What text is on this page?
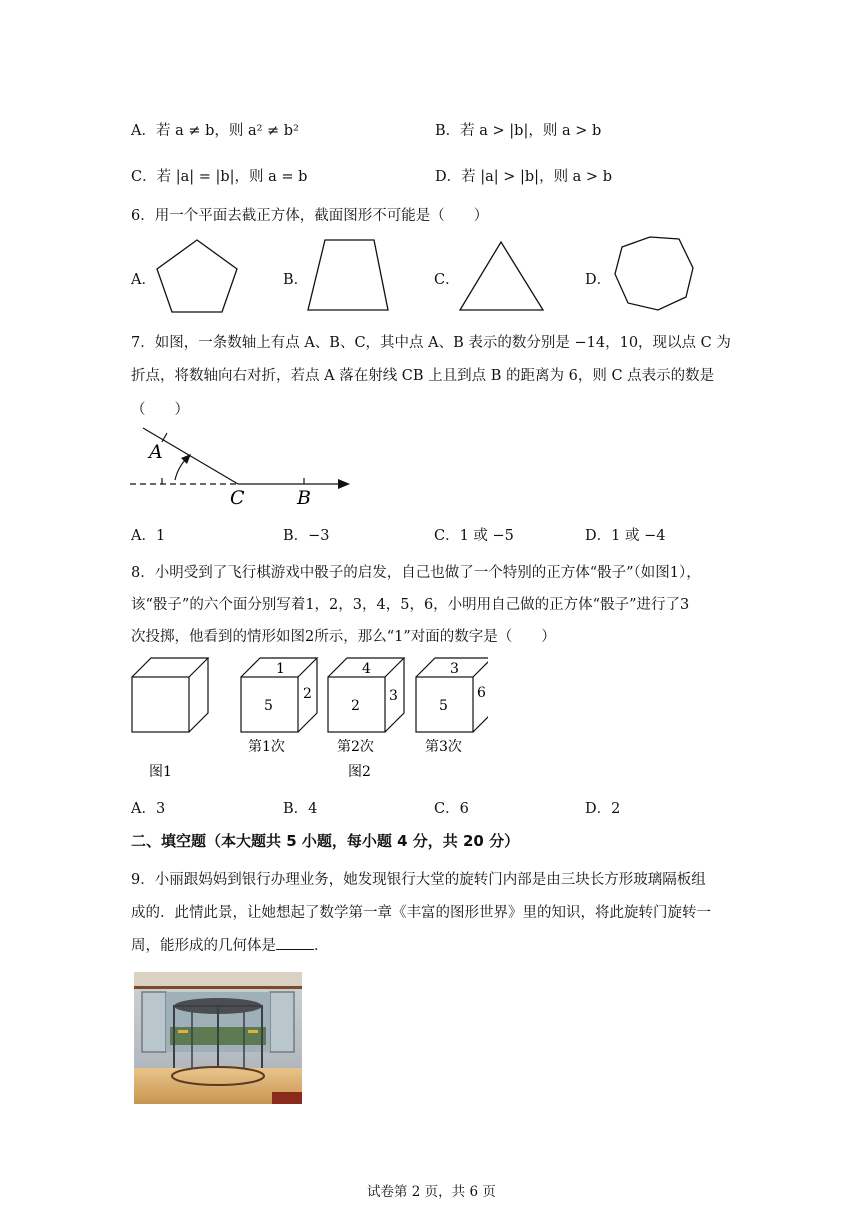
A．若 a ≠ b，则 a² ≠ b²	B．若 a > |b|，则 a > b
C．若 |a| = |b|，则 a = b	D．若 |a| > |b|，则 a > b
6．用一个平面去截正方体，截面图形不可能是（　　）
A．	B．	C．	D．
7．如图，一条数轴上有点 A、B、C，其中点 A、B 表示的数分别是 −14，10，现以点 C 为
折点，将数轴向右对折，若点 A 落在射线 CB 上且到点 B 的距离为 6，则 C 点表示的数是
（　　）
A
C	B
A．1	B．−3	C．1 或 −5	D．1 或 −4
8．小明受到了飞行棋游戏中骰子的启发，自己也做了一个特别的正方体“骰子”（如图1），
该“骰子”的六个面分别写着1，2，3，4，5，6，小明用自己做的正方体“骰子”进行了3
次投掷，他看到的情形如图2所示，那么“1”对面的数字是（　　）
1
5
2
4
2
3
3
5
6
第1次	第2次	第3次
图1	图2
A．3	B．4	C．6	D．2
二、填空题（本大题共 5 小题，每小题 4 分，共 20 分）
9．小丽跟妈妈到银行办理业务，她发现银行大堂的旋转门内部是由三块长方形玻璃隔板组
成的．此情此景，让她想起了数学第一章《丰富的图形世界》里的知识，将此旋转门旋转一
周，能形成的几何体是	．
试卷第 2 页，共 6 页
